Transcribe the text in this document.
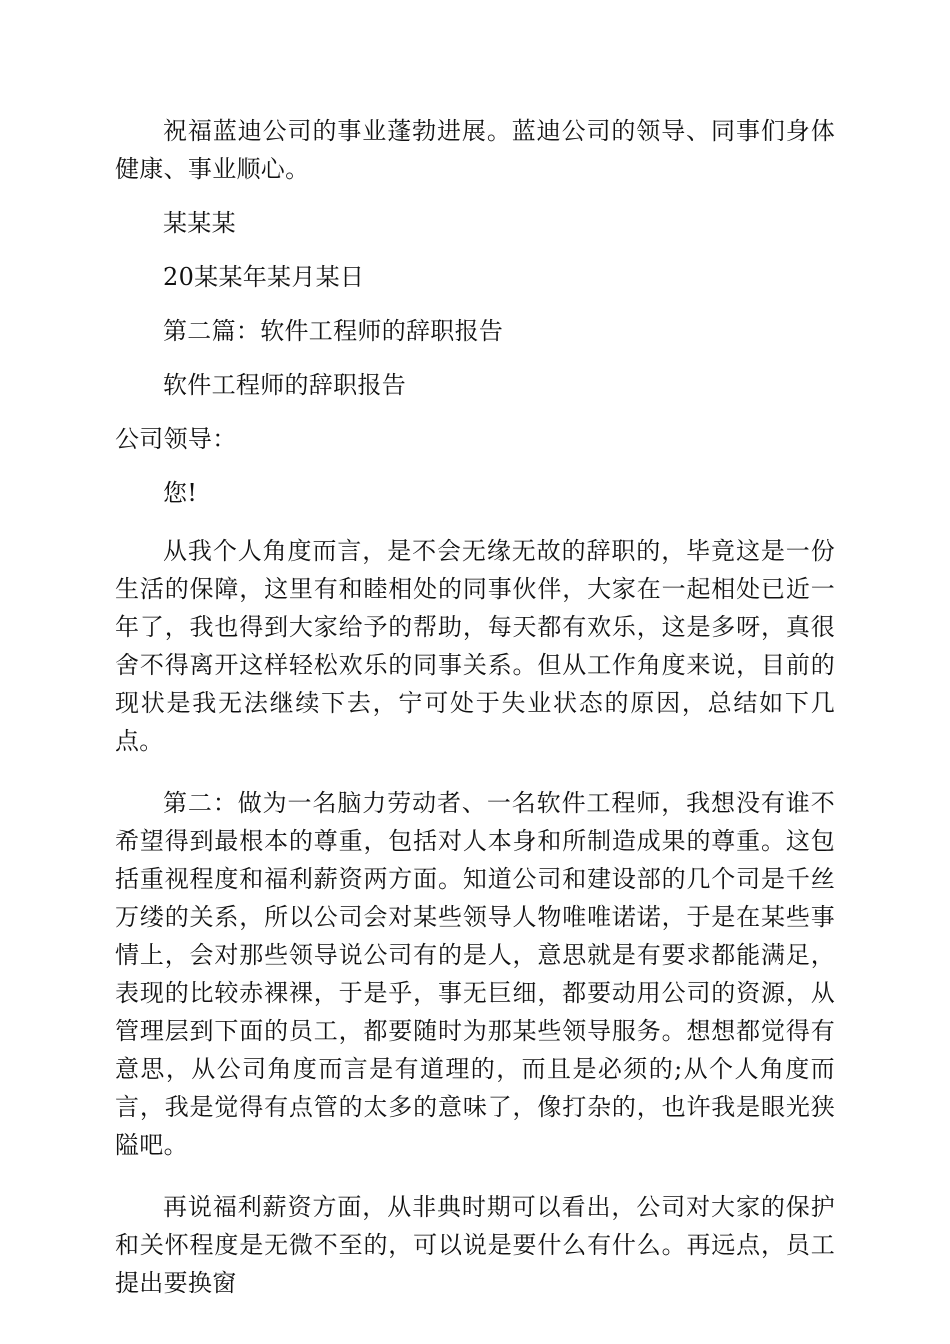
祝福蓝迪公司的事业蓬勃进展。蓝迪公司的领导、同事们身体健康、事业顺心。

某某某

20某某年某月某日

第二篇：软件工程师的辞职报告

软件工程师的辞职报告

公司领导：

您!

从我个人角度而言，是不会无缘无故的辞职的，毕竟这是一份生活的保障，这里有和睦相处的同事伙伴，大家在一起相处已近一年了，我也得到大家给予的帮助，每天都有欢乐，这是多呀，真很舍不得离开这样轻松欢乐的同事关系。但从工作角度来说，目前的现状是我无法继续下去，宁可处于失业状态的原因，总结如下几点。

第二：做为一名脑力劳动者、一名软件工程师，我想没有谁不希望得到最根本的尊重，包括对人本身和所制造成果的尊重。这包括重视程度和福利薪资两方面。知道公司和建设部的几个司是千丝万缕的关系，所以公司会对某些领导人物唯唯诺诺，于是在某些事情上，会对那些领导说公司有的是人，意思就是有要求都能满足，表现的比较赤裸裸，于是乎，事无巨细，都要动用公司的资源，从管理层到下面的员工，都要随时为那某些领导服务。想想都觉得有意思，从公司角度而言是有道理的，而且是必须的;从个人角度而言，我是觉得有点管的太多的意味了，像打杂的，也许我是眼光狭隘吧。

再说福利薪资方面，从非典时期可以看出，公司对大家的保护和关怀程度是无微不至的，可以说是要什么有什么。再远点，员工提出要换窗
